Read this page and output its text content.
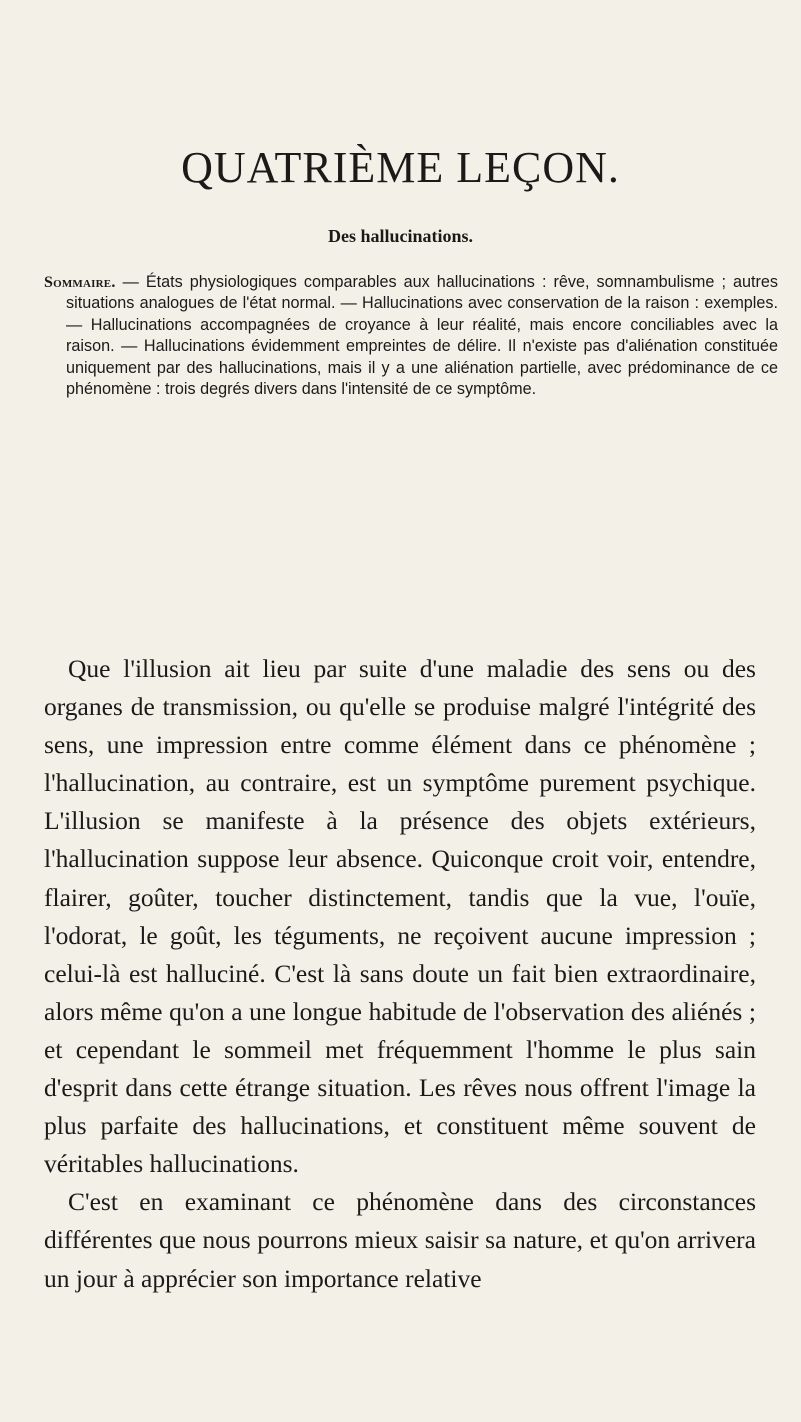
QUATRIÈME LEÇON.
Des hallucinations.

Sommaire. — États physiologiques comparables aux hallucinations : rêve, somnambulisme ; autres situations analogues de l'état normal. — Hallucinations avec conservation de la raison : exemples. — Hallucinations accompagnées de croyance à leur réalité, mais encore conciliables avec la raison. — Hallucinations évidemment empreintes de délire. Il n'existe pas d'aliénation constituée uniquement par des hallucinations, mais il y a une aliénation partielle, avec prédominance de ce phénomène : trois degrés divers dans l'intensité de ce symptôme.

Que l'illusion ait lieu par suite d'une maladie des sens ou des organes de transmission, ou qu'elle se produise malgré l'intégrité des sens, une impression entre comme élément dans ce phénomène ; l'hallucination, au contraire, est un symptôme purement psychique. L'illusion se manifeste à la présence des objets extérieurs, l'hallucination suppose leur absence. Quiconque croit voir, entendre, flairer, goûter, toucher distinctement, tandis que la vue, l'ouïe, l'odorat, le goût, les téguments, ne reçoivent aucune impression ; celui-là est halluciné. C'est là sans doute un fait bien extraordinaire, alors même qu'on a une longue habitude de l'observation des aliénés ; et cependant le sommeil met fréquemment l'homme le plus sain d'esprit dans cette étrange situation. Les rêves nous offrent l'image la plus parfaite des hallucinations, et constituent même souvent de véritables hallucinations.

C'est en examinant ce phénomène dans des circonstances différentes que nous pourrons mieux saisir sa nature, et qu'on arrivera un jour à apprécier son importance relative
